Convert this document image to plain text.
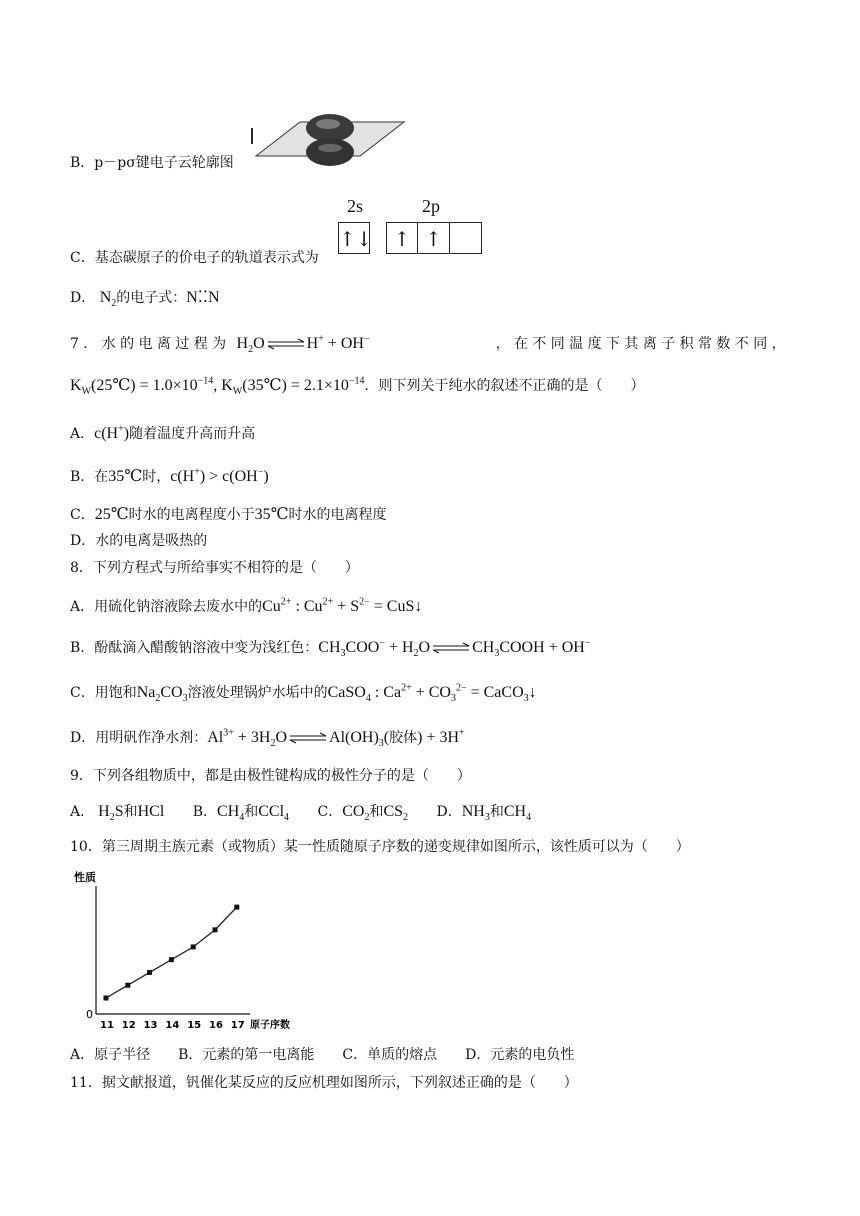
B．p－pσ键电子云轮廓图
2s	2p
↑↓	↑ ↑
C．基态碳原子的价电子的轨道表示式为
D． $N_2$的电子式：N⁚⁚N
7．水的电离过程为 $H_2O$	H+ + OH−	，在不同温度下其离子积常数不同，
$K_W(25℃) = 1.0\times 10^{-14}$, $K_W(35℃) = 2.1\times 10^{-14}$．则下列关于纯水的叙述不正确的是（　　）
A．c(H+)随着温度升高而升高
B．在35℃时，c(H+) > c(OH−)
C．25℃时水的电离程度小于35℃时水的电离程度
D．水的电离是吸热的
8．下列方程式与所给事实不相符的是（　　）
A．用硫化钠溶液除去废水中的$Cu^{2+}$ : $Cu^{2+} + S^{2-}$ = CuS↓
B．酚酞滴入醋酸钠溶液中变为浅红色：$CH_3COO^- + H_2O$	$CH_3COOH + OH^-$
C．用饱和$Na_2CO_3$溶液处理锅炉水垢中的CaSO$_4$ : $Ca^{2+} + CO_3^{2-}$ = CaCO$_3$↓
D．用明矾作净水剂：$Al^{3+} + 3H_2O$	$Al(OH)_3$(胶体) + 3H+
9．下列各组物质中，都是由极性键构成的极性分子的是（　　）
A． $H_2S$和HCl B．$CH_4$和CCl$_4$ C．$CO_2$和$CS_2$ D．$NH_3$和$CH_4$
10．第三周期主族元素（或物质）某一性质随原子序数的递变规律如图所示，该性质可以为（　　）
性质
0
原子序数
11 12 13 14 15 16 17
A．原子半径　　B．元素的第一电离能　　C．单质的熔点　　D．元素的电负性
11．据文献报道，钒催化某反应的反应机理如图所示，下列叙述正确的是（　　）
